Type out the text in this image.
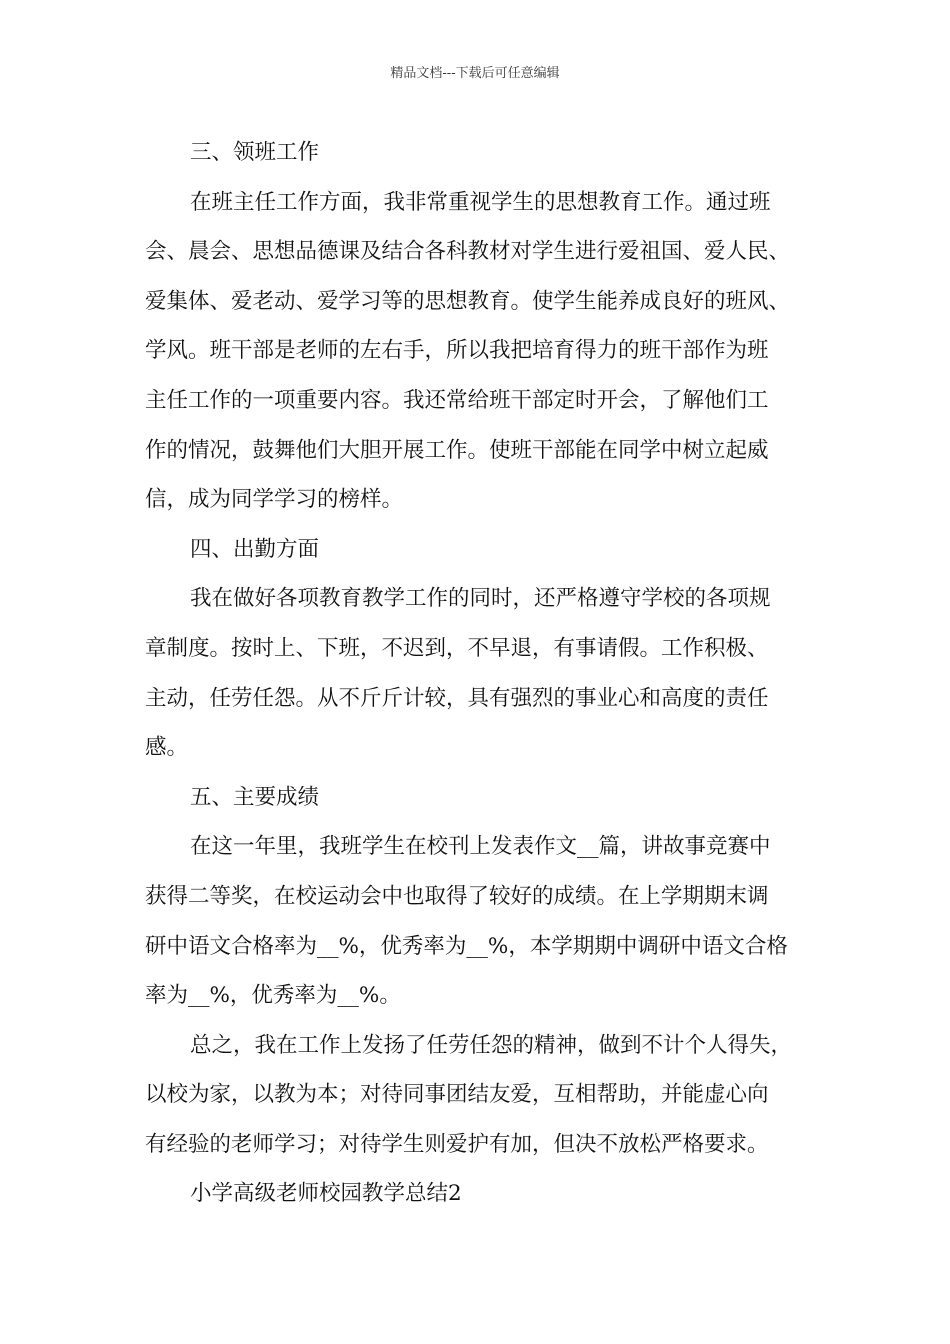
精品文档---下载后可任意编辑
三、领班工作
在班主任工作方面，我非常重视学生的思想教育工作。通过班
会、晨会、思想品德课及结合各科教材对学生进行爱祖国、爱人民、
爱集体、爱老动、爱学习等的思想教育。使学生能养成良好的班风、
学风。班干部是老师的左右手，所以我把培育得力的班干部作为班
主任工作的一项重要内容。我还常给班干部定时开会，了解他们工
作的情况，鼓舞他们大胆开展工作。使班干部能在同学中树立起威
信，成为同学学习的榜样。
四、出勤方面
我在做好各项教育教学工作的同时，还严格遵守学校的各项规
章制度。按时上、下班，不迟到，不早退，有事请假。工作积极、
主动，任劳任怨。从不斤斤计较，具有强烈的事业心和高度的责任
感。
五、主要成绩
在这一年里，我班学生在校刊上发表作文__篇，讲故事竞赛中
获得二等奖，在校运动会中也取得了较好的成绩。在上学期期末调
研中语文合格率为__%，优秀率为__%，本学期期中调研中语文合格
率为__%，优秀率为__%。
总之，我在工作上发扬了任劳任怨的精神，做到不计个人得失，
以校为家，以教为本；对待同事团结友爱，互相帮助，并能虚心向
有经验的老师学习；对待学生则爱护有加，但决不放松严格要求。
小学高级老师校园教学总结2
